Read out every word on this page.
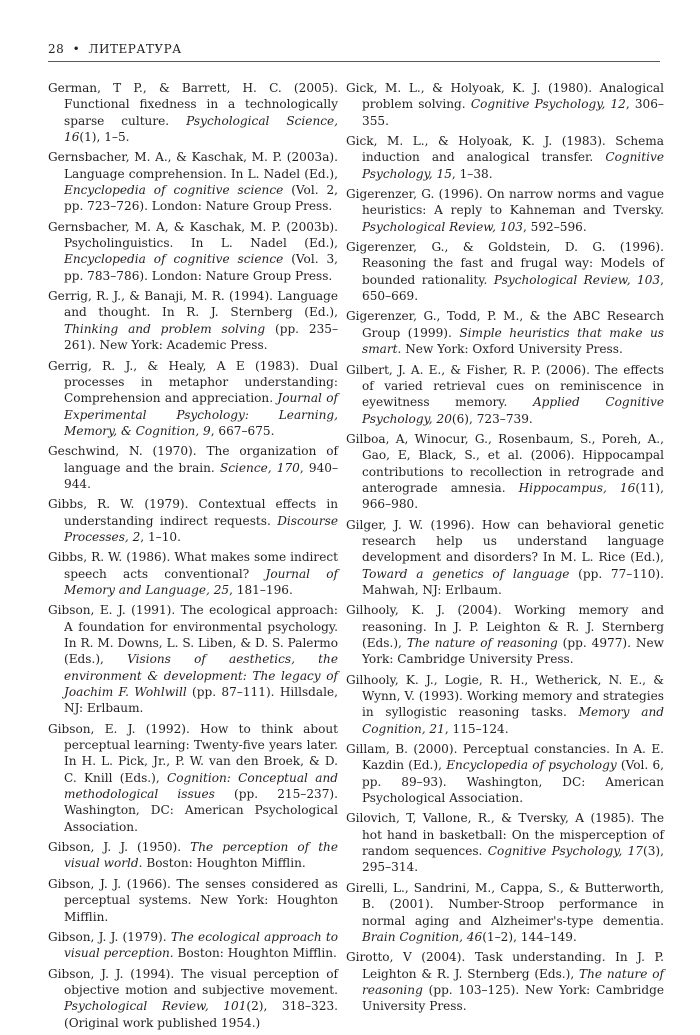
28 • ЛИТЕРАТУРА

German, T P., & Barrett, H. C. (2005). Functional fixedness in a technologically sparse culture. Psychological Science, 16(1), 1–5.

Gernsbacher, M. A., & Kaschak, M. P. (2003a). Language comprehension. In L. Nadel (Ed.), Encyclopedia of cognitive science (Vol. 2, pp. 723–726). London: Nature Group Press.

Gernsbacher, M. A, & Kaschak, M. P. (2003b). Psycholinguistics. In L. Nadel (Ed.), Encyclopedia of cognitive science (Vol. 3, pp. 783–786). London: Nature Group Press.

Gerrig, R. J., & Banaji, M. R. (1994). Language and thought. In R. J. Sternberg (Ed.), Thinking and problem solving (pp. 235–261). New York: Academic Press.

Gerrig, R. J., & Healy, A E (1983). Dual processes in metaphor understanding: Comprehension and appreciation. Journal of Experimental Psychology: Learning, Memory, & Cognition, 9, 667–675.

Geschwind, N. (1970). The organization of language and the brain. Science, 170, 940–944.

Gibbs, R. W. (1979). Contextual effects in understanding indirect requests. Discourse Processes, 2, 1–10.

Gibbs, R. W. (1986). What makes some indirect speech acts conventional? Journal of Memory and Language, 25, 181–196.

Gibson, E. J. (1991). The ecological approach: A foundation for environmental psychology. In R. M. Downs, L. S. Liben, & D. S. Palermo (Eds.), Visions of aesthetics, the environment & development: The legacy of Joachim F. Wohlwill (pp. 87–111). Hillsdale, NJ: Erlbaum.

Gibson, E. J. (1992). How to think about perceptual learning: Twenty-five years later. In H. L. Pick, Jr., P. W. van den Broek, & D. C. Knill (Eds.), Cognition: Conceptual and methodological issues (pp. 215–237). Washington, DC: American Psychological Association.

Gibson, J. J. (1950). The perception of the visual world. Boston: Houghton Mifflin.

Gibson, J. J. (1966). The senses considered as perceptual systems. New York: Houghton Mifflin.

Gibson, J. J. (1979). The ecological approach to visual perception. Boston: Houghton Mifflin.

Gibson, J. J. (1994). The visual perception of objective motion and subjective movement. Psychological Review, 101(2), 318–323. (Original work published 1954.)

Gick, M. L., & Holyoak, K. J. (1980). Analogical problem solving. Cognitive Psychology, 12, 306–355.

Gick, M. L., & Holyoak, K. J. (1983). Schema induction and analogical transfer. Cognitive Psychology, 15, 1–38.

Gigerenzer, G. (1996). On narrow norms and vague heuristics: A reply to Kahneman and Tversky. Psychological Review, 103, 592–596.

Gigerenzer, G., & Goldstein, D. G. (1996). Reasoning the fast and frugal way: Models of bounded rationality. Psychological Review, 103, 650–669.

Gigerenzer, G., Todd, P. M., & the ABC Research Group (1999). Simple heuristics that make us smart. New York: Oxford University Press.

Gilbert, J. A. E., & Fisher, R. P. (2006). The effects of varied retrieval cues on reminiscence in eyewitness memory. Applied Cognitive Psychology, 20(6), 723–739.

Gilboa, A, Winocur, G., Rosenbaum, S., Poreh, A., Gao, E, Black, S., et al. (2006). Hippocampal contributions to recollection in retrograde and anterograde amnesia. Hippocampus, 16(11), 966–980.

Gilger, J. W. (1996). How can behavioral genetic research help us understand language development and disorders? In M. L. Rice (Ed.), Toward a genetics of language (pp. 77–110). Mahwah, NJ: Erlbaum.

Gilhooly, K. J. (2004). Working memory and reasoning. In J. P. Leighton & R. J. Sternberg (Eds.), The nature of reasoning (pp. 4977). New York: Cambridge University Press.

Gilhooly, K. J., Logie, R. H., Wetherick, N. E., & Wynn, V. (1993). Working memory and strategies in syllogistic reasoning tasks. Memory and Cognition, 21, 115–124.

Gillam, B. (2000). Perceptual constancies. In A. E. Kazdin (Ed.), Encyclopedia of psychology (Vol. 6, pp. 89–93). Washington, DC: American Psychological Association.

Gilovich, T, Vallone, R., & Tversky, A (1985). The hot hand in basketball: On the misperception of random sequences. Cognitive Psychology, 17(3), 295–314.

Girelli, L., Sandrini, M., Cappa, S., & Butterworth, B. (2001). Number-Stroop performance in normal aging and Alzheimer's-type dementia. Brain Cognition, 46(1–2), 144–149.

Girotto, V (2004). Task understanding. In J. P. Leighton & R. J. Sternberg (Eds.), The nature of reasoning (pp. 103–125). New York: Cambridge University Press.
